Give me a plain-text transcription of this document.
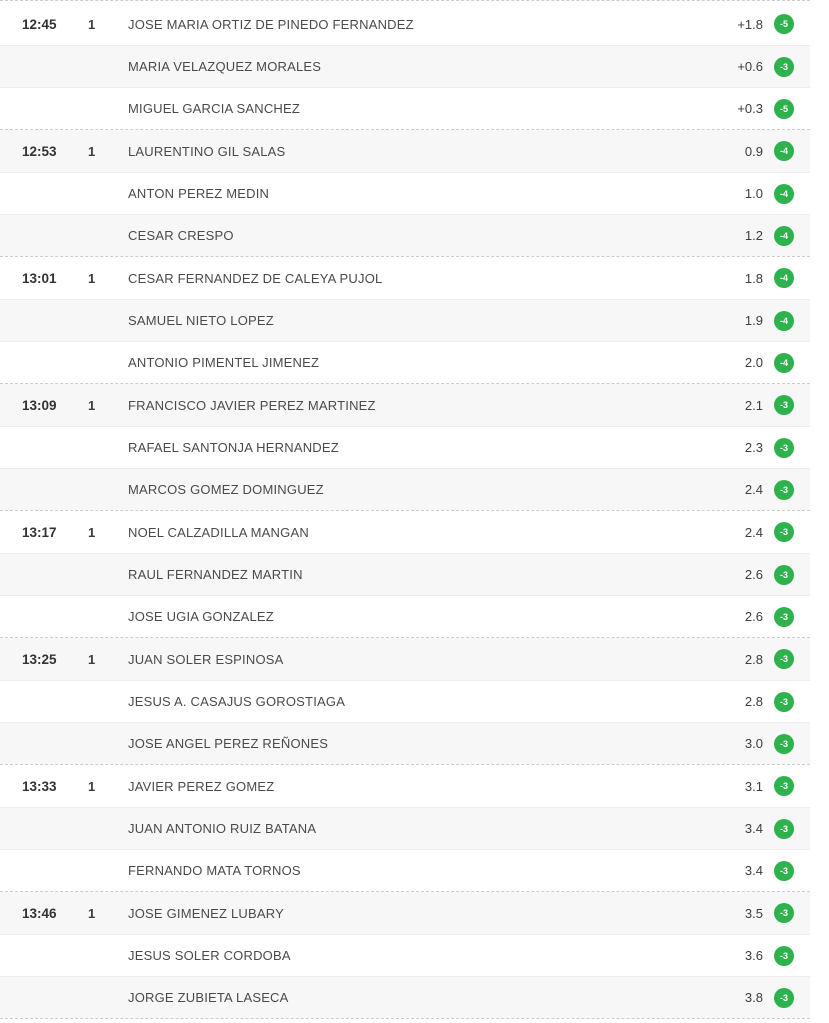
12:45	1	JOSE MARIA ORTIZ DE PINEDO FERNANDEZ	+1.8	-5
MARIA VELAZQUEZ MORALES	+0.6	-3
MIGUEL GARCIA SANCHEZ	+0.3	-5
12:53	1	LAURENTINO GIL SALAS	0.9	-4
ANTON PEREZ MEDIN	1.0	-4
CESAR CRESPO	1.2	-4
13:01	1	CESAR FERNANDEZ DE CALEYA PUJOL	1.8	-4
SAMUEL NIETO LOPEZ	1.9	-4
ANTONIO PIMENTEL JIMENEZ	2.0	-4
13:09	1	FRANCISCO JAVIER PEREZ MARTINEZ	2.1	-3
RAFAEL SANTONJA HERNANDEZ	2.3	-3
MARCOS GOMEZ DOMINGUEZ	2.4	-3
13:17	1	NOEL CALZADILLA MANGAN	2.4	-3
RAUL FERNANDEZ MARTIN	2.6	-3
JOSE UGIA GONZALEZ	2.6	-3
13:25	1	JUAN SOLER ESPINOSA	2.8	-3
JESUS A. CASAJUS GOROSTIAGA	2.8	-3
JOSE ANGEL PEREZ REÑONES	3.0	-3
13:33	1	JAVIER PEREZ GOMEZ	3.1	-3
JUAN ANTONIO RUIZ BATANA	3.4	-3
FERNANDO MATA TORNOS	3.4	-3
13:46	1	JOSE GIMENEZ LUBARY	3.5	-3
JESUS SOLER CORDOBA	3.6	-3
JORGE ZUBIETA LASECA	3.8	-3
